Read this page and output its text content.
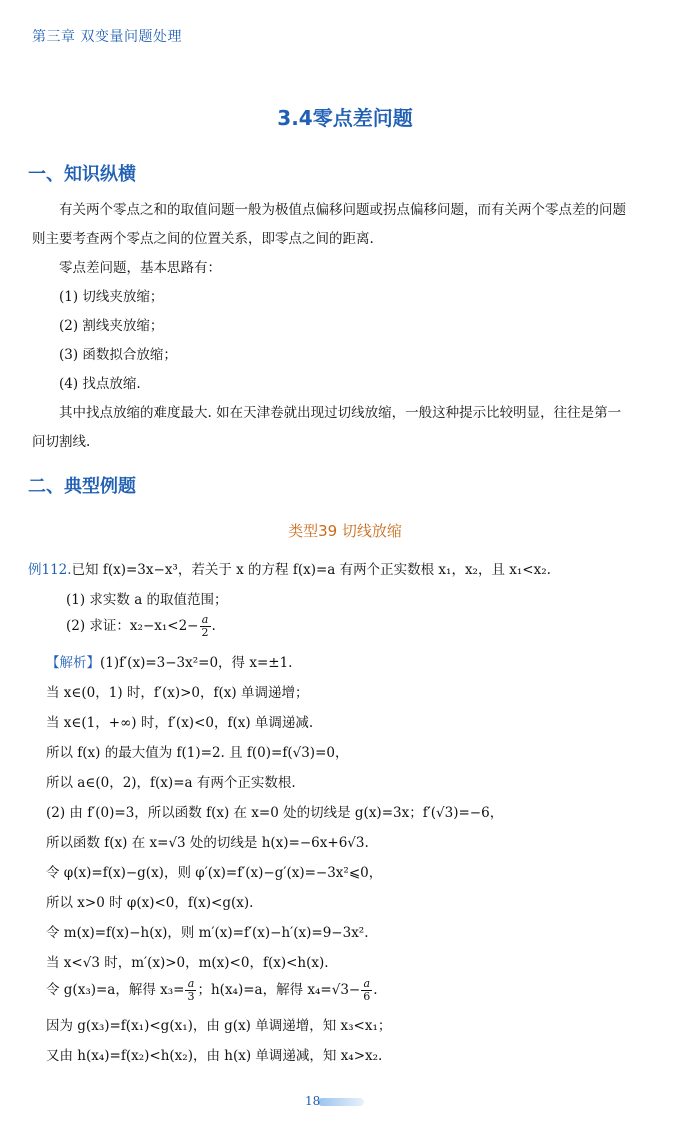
第三章 双变量问题处理
3.4零点差问题
一、知识纵横
有关两个零点之和的取值问题一般为极值点偏移问题或拐点偏移问题，而有关两个零点差的问题则主要考查两个零点之间的位置关系，即零点之间的距离.
零点差问题，基本思路有：
(1) 切线夹放缩；
(2) 割线夹放缩；
(3) 函数拟合放缩；
(4) 找点放缩.
其中找点放缩的难度最大. 如在天津卷就出现过切线放缩，一般这种提示比较明显，往往是第一问切割线.
二、典型例题
类型39 切线放缩
例112.已知 f(x)=3x−x³，若关于 x 的方程 f(x)=a 有两个正实数根 x₁，x₂，且 x₁<x₂.
(1) 求实数 a 的取值范围；
(2) 求证：$x_2-x_1<2- \frac{a}{2}$ .
【解析】(1)f′(x)=3−3x²=0，得 x=±1.
当 x∈(0，1) 时，f′(x)>0，f(x) 单调递增；
当 x∈(1，+∞) 时，f′(x)<0，f(x) 单调递减.
所以 f(x) 的最大值为 f(1)=2. 且 f(0)=f(√3)=0，
所以 a∈(0，2)，f(x)=a 有两个正实数根.
(2) 由 f′(0)=3，所以函数 f(x) 在 x=0 处的切线是 g(x)=3x；f′(√3)=−6，
所以函数 f(x) 在 x=√3 处的切线是 h(x)=−6x+6√3.
令 φ(x)=f(x)−g(x)，则 φ′(x)=f′(x)−g′(x)=−3x²⩽0，
所以 x>0 时 φ(x)<0，f(x)<g(x).
令 m(x)=f(x)−h(x)，则 m′(x)=f′(x)−h′(x)=9−3x².
当 x<√3 时，m′(x)>0，m(x)<0，f(x)<h(x).
令 g(x₃)=a，解得 $x_3= \frac{a}{3}$ ；h(x₄)=a，解得 $x_4=√3- \frac{a}{6}$ .
因为 g(x₃)=f(x₁)<g(x₁)，由 g(x) 单调递增，知 x₃<x₁；
又由 h(x₄)=f(x₂)<h(x₂)，由 h(x) 单调递减，知 x₄>x₂.
18
